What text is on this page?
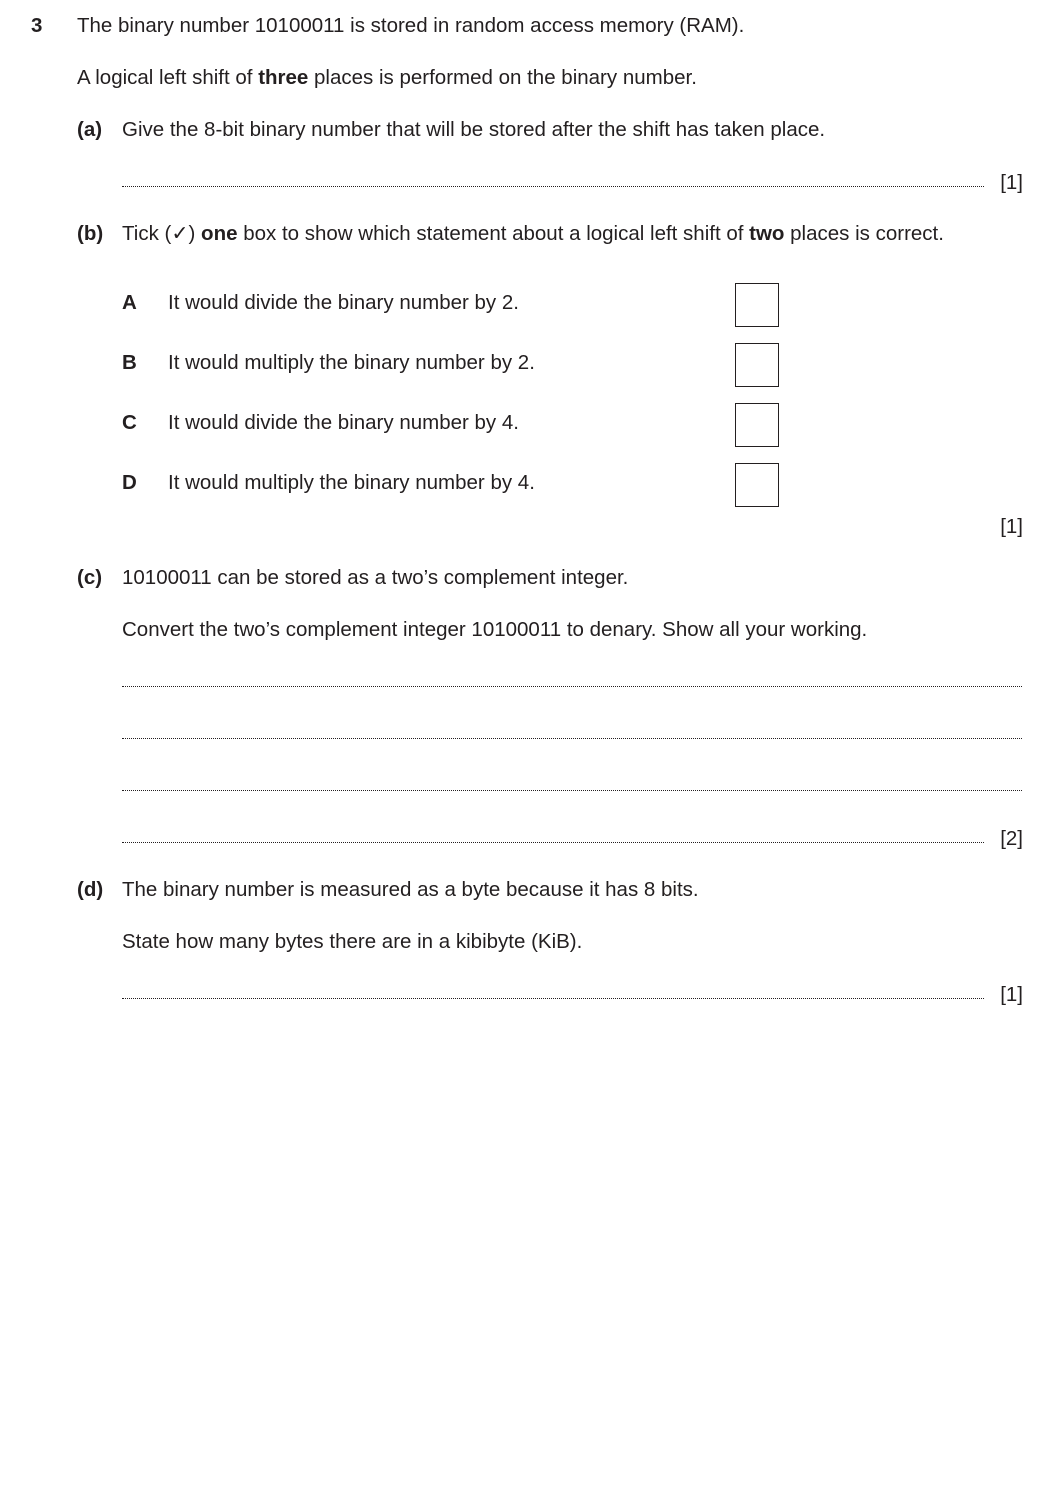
3 The binary number 10100011 is stored in random access memory (RAM).
A logical left shift of three places is performed on the binary number.
(a) Give the 8-bit binary number that will be stored after the shift has taken place.
[1]
(b) Tick (✓) one box to show which statement about a logical left shift of two places is correct.
A It would divide the binary number by 2.
B It would multiply the binary number by 2.
C It would divide the binary number by 4.
D It would multiply the binary number by 4.
[1]
(c) 10100011 can be stored as a two’s complement integer.
Convert the two’s complement integer 10100011 to denary. Show all your working.
[2]
(d) The binary number is measured as a byte because it has 8 bits.
State how many bytes there are in a kibibyte (KiB).
[1]
